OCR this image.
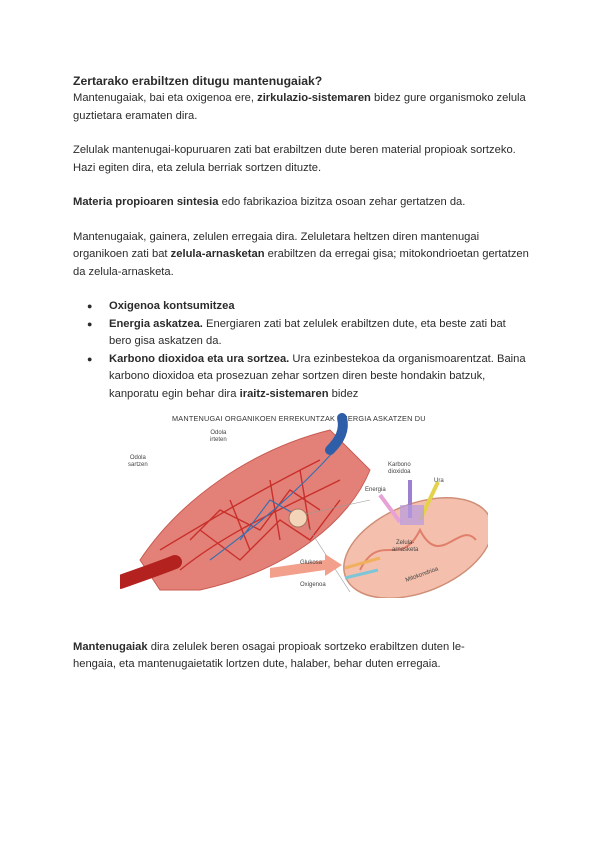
Zertarako erabiltzen ditugu mantenugaiak?

Mantenugaiak, bai eta oxigenoa ere, zirkulazio-sistemaren bidez gure organismoko zelula guztietara eramaten dira.

Zelulak mantenugai-kopuruaren zati bat erabiltzen dute beren material propioak sortzeko. Hazi egiten dira, eta zelula berriak sortzen dituzte.

Materia propioaren sintesia edo fabrikazioa bizitza osoan zehar gertatzen da.

Mantenugaiak, gainera, zelulen erregaia dira. Zeluletara heltzen diren mantenugai organikoen zati bat zelula-arnasketan erabiltzen da erregai gisa; mitokondrioetan gertatzen da zelula-arnasketa.

● Oxigenoa kontsumitzea
● Energia askatzea. Energiaren zati bat zelulek erabiltzen dute, eta beste zati bat bero gisa askatzen da.
● Karbono dioxidoa eta ura sortzea. Ura ezinbestekoa da organismoarentzat. Baina karbono dioxidoa eta prosezuan zehar sortzen diren beste hondakin batzuk, kanporatu egin behar dira iraitz-sistemaren bidez
MANTENUGAI ORGANIKOEN ERREKUNTZAK ENERGIA ASKATZEN DU
Odola
irteten
Odola
sartzen	Karbono
dioxidoa
Ura
Energia
Zelula-
arnasketa
Glukosa
Oxigenoa
Mitokondrioa

Mantenugaiak dira zelulek beren osagai propioak sortzeko erabiltzen duten le-
hengaia, eta mantenugaietatik lortzen dute, halaber, behar duten erregaia.
